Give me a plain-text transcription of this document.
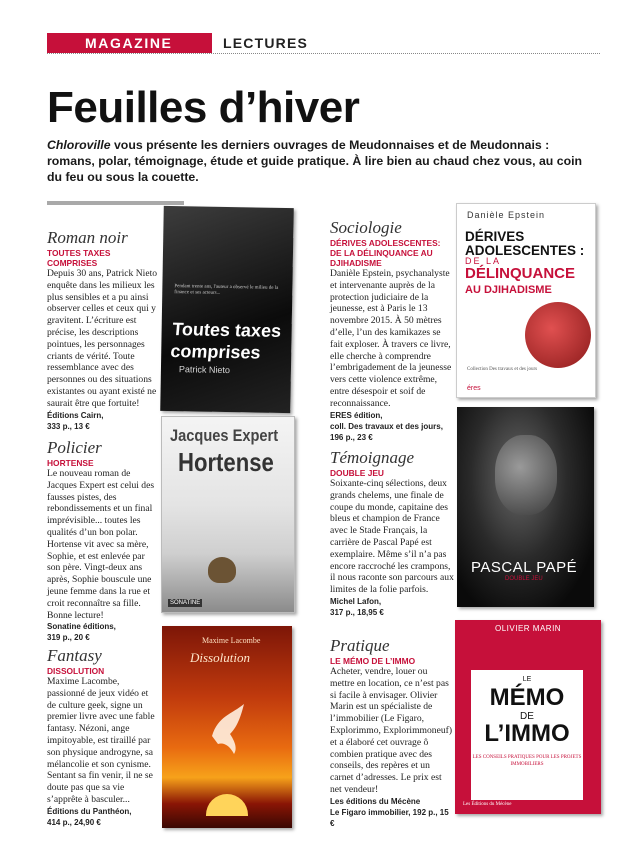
MAGAZINE	LECTURES
Feuilles d’hiver

Chloroville vous présente les derniers ouvrages de Meudonnaises et de Meudonnais : romans, polar, témoignage, étude et guide pratique. À lire bien au chaud chez vous, au coin du feu ou sous la couette.

Roman noir
TOUTES TAXES COMPRISES
Depuis 30 ans, Patrick Nieto enquête dans les milieux les plus sensibles et a pu ainsi observer celles et ceux qui y gravitent. L’écriture est précise, les descriptions pointues, les personnages criants de vérité. Toute ressemblance avec des personnes ou des situations existantes ou ayant existé ne saurait être que fortuite!
Éditions Cairn,
333 p., 13 €
Sociologie
DÉRIVES ADOLESCENTES: DE LA DÉLINQUANCE AU DJIHADISME
Danièle Epstein, psychanalyste et intervenante auprès de la protection judiciaire de la jeunesse, est à Paris le 13 novembre 2015. À 50 mètres d’elle, l’un des kamikazes se fait exploser. À travers ce livre, elle cherche à comprendre l’embrigadement de la jeunesse vers cette violence extrême, entre désespoir et soif de reconnaissance.
ERES édition,
coll. Des travaux et des jours, 196 p., 23 €
Policier
HORTENSE
Le nouveau roman de Jacques Expert est celui des fausses pistes, des rebondissements et un final imprévisible... toutes les qualités d’un bon polar. Hortense vit avec sa mère, Sophie, et est enlevée par son père. Vingt-deux ans après, Sophie bouscule une jeune femme dans la rue et croit reconnaître sa fille. Bonne lecture!
Sonatine éditions,
319 p., 20 €
Témoignage
DOUBLE JEU
Soixante-cinq sélections, deux grands chelems, une finale de coupe du monde, capitaine des bleus et champion de France avec le Stade Français, la carrière de Pascal Papé est exemplaire. Même s’il n’a pas encore raccroché les crampons, il nous raconte son parcours aux limites de la folie parfois.
Michel Lafon,
317 p., 18,95 €
Fantasy
DISSOLUTION
Maxime Lacombe, passionné de jeux vidéo et de culture geek, signe un premier livre avec une fable fantasy. Nézoni, ange impitoyable, est tiraillé par son physique androgyne, sa mélancolie et son cynisme. Sentant sa fin venir, il ne se doute pas que sa vie s’apprête à basculer...
Éditions du Panthéon,
414 p., 24,90 €
Pratique
LE MÉMO DE L’IMMO
Acheter, vendre, louer ou mettre en location, ce n’est pas si facile à envisager. Olivier Marin est un spécialiste de l’immobilier (Le Figaro, Explorimmo, Explorimmoneuf) et a élaboré cet ouvrage ô combien pratique avec des conseils, des repères et un carnet d’adresses. Le prix est net vendeur!
Les éditions du Mécène
Le Figaro immobilier, 192 p., 15 €
Pendant trente ans, l'auteur a observé le milieu de la finance et ses acteurs...
Toutes taxes comprises
Patrick Nieto
Danièle Epstein
DÉRIVES
ADOLESCENTES :
DE LA
DÉLINQUANCE
AU DJIHADISME
Collection Des travaux et des jours
éres
Jacques Expert
Hortense
SONATINE
PASCAL PAPÉ
DOUBLE JEU
Maxime Lacombe
Dissolution
OLIVIER MARIN
LE
MÉMO
DE
L’IMMO
LES CONSEILS PRATIQUES POUR LES PROJETS IMMOBILIERS
Les Éditions du Mécène
